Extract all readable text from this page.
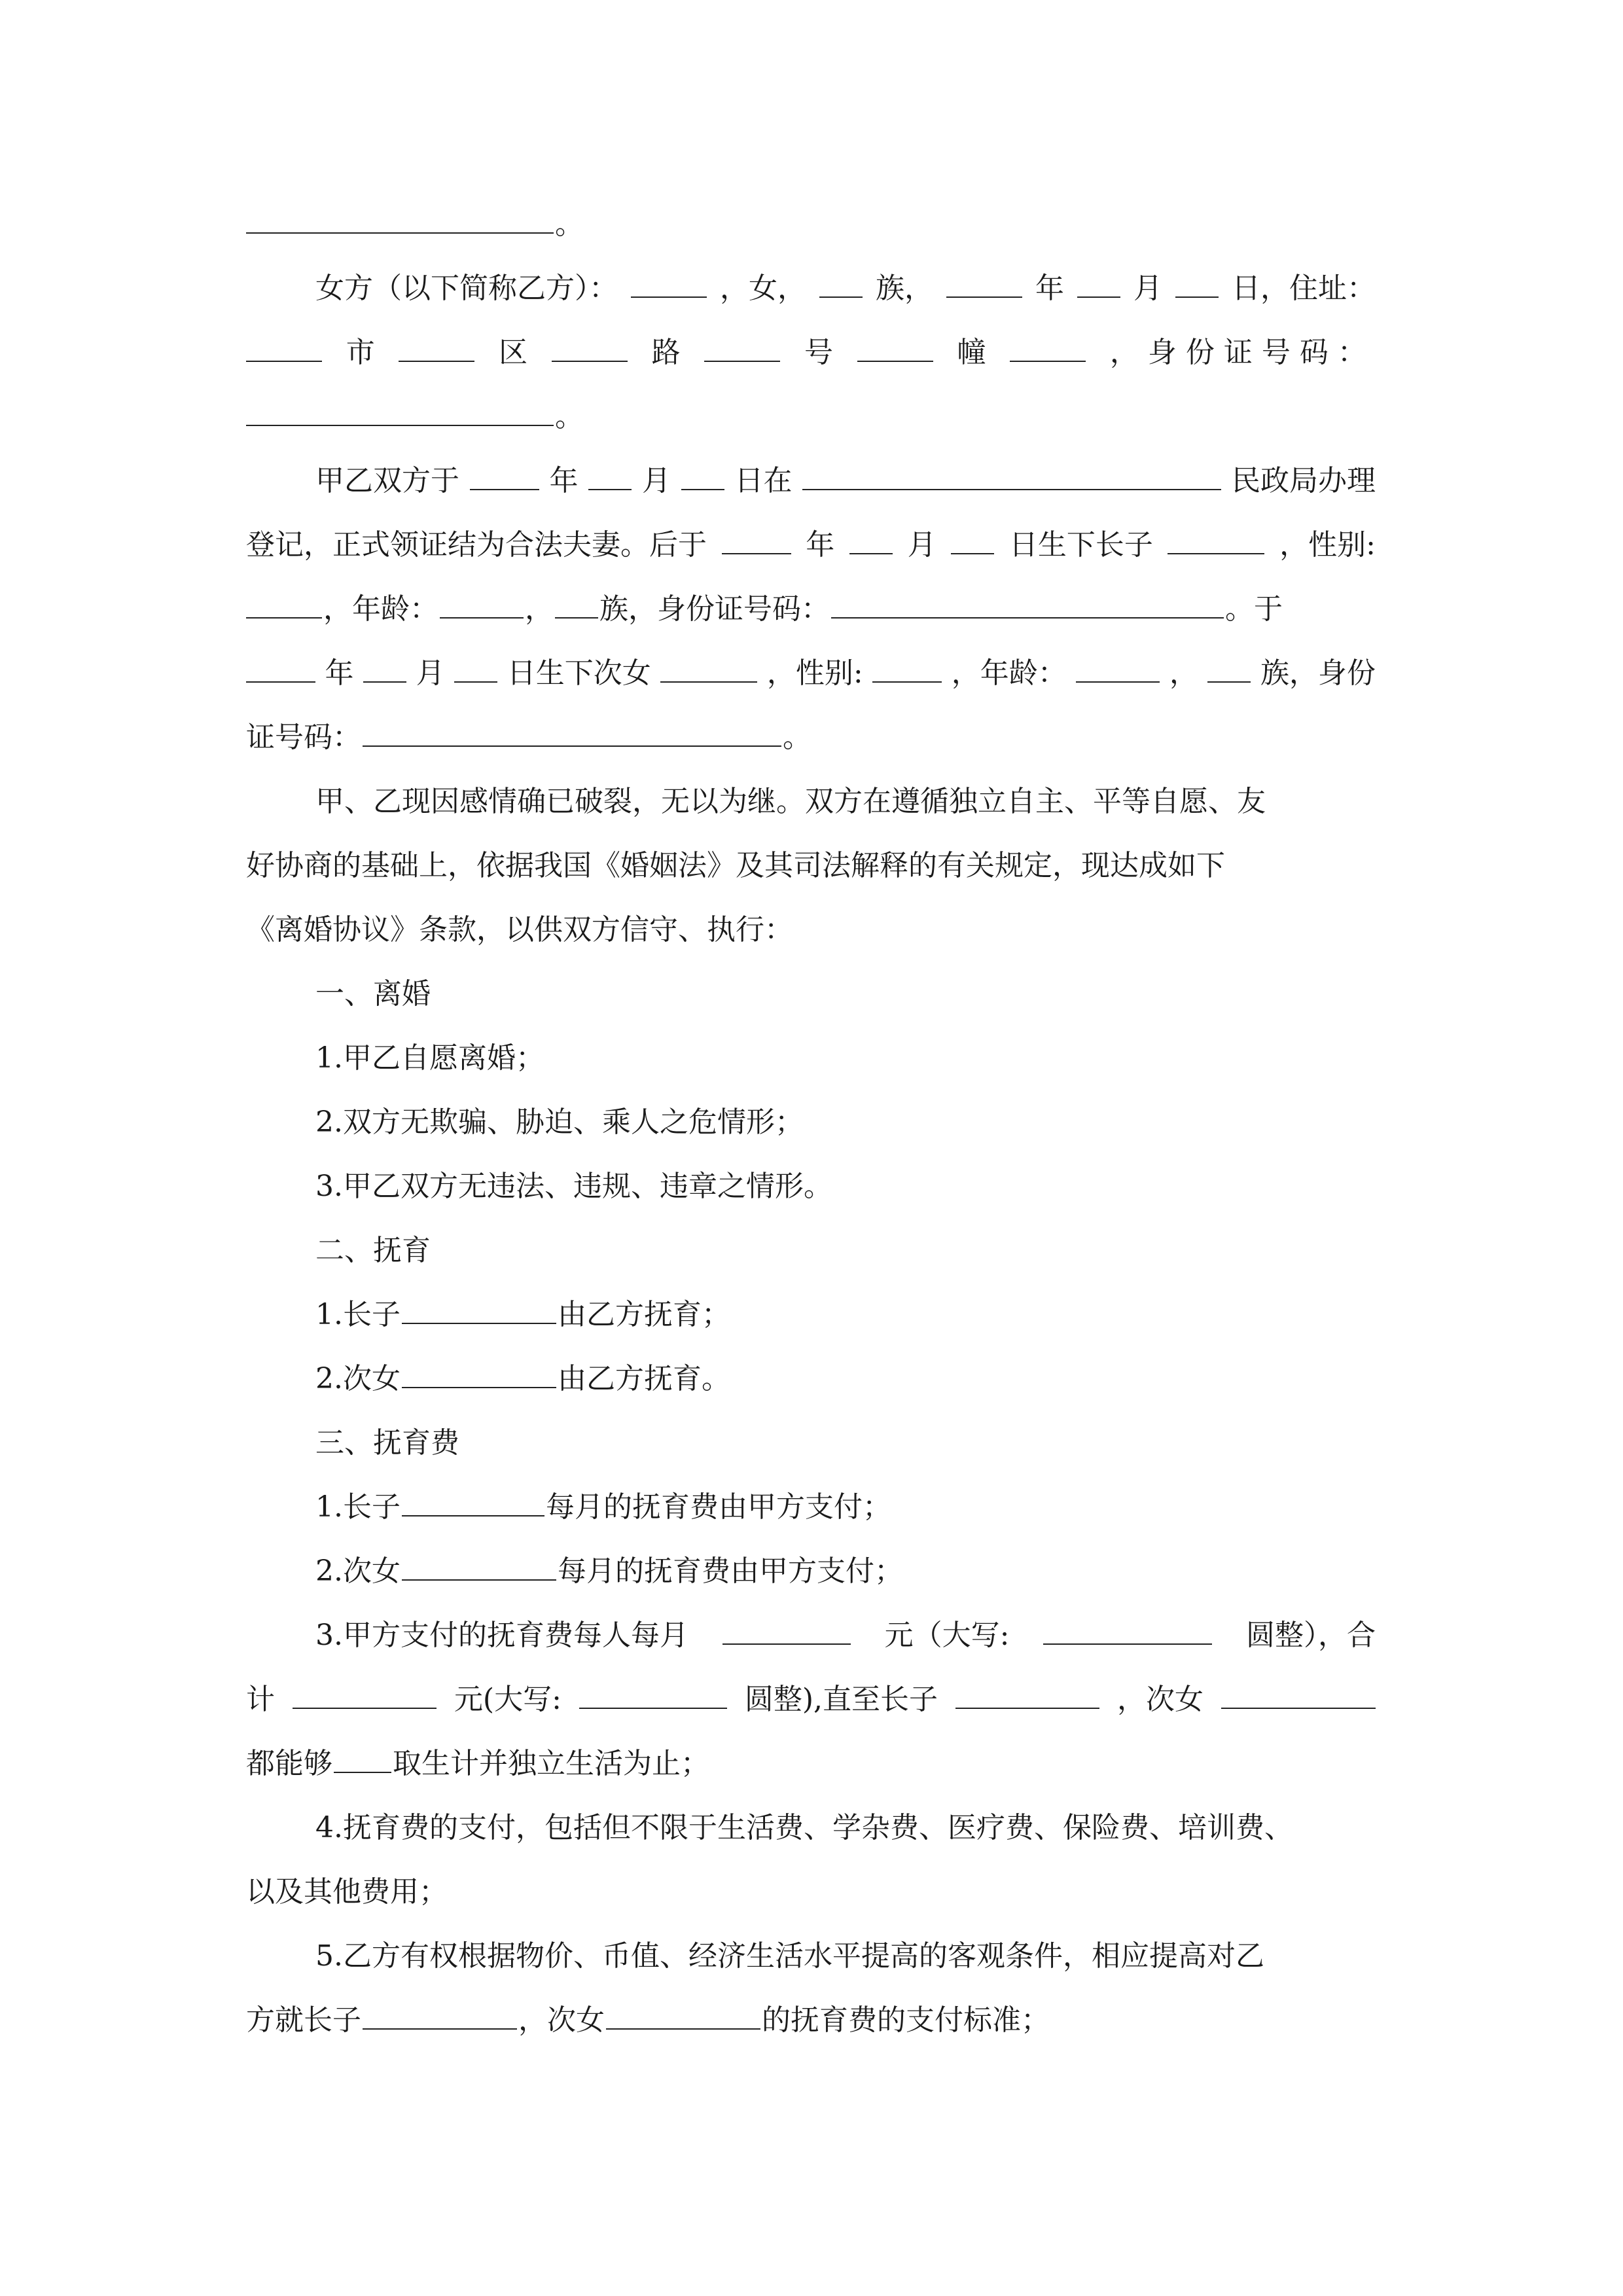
。
女方（以下简称乙方）：	，女， 族，	年 月 日，住址：
市	区	路	号	幢	，身份证号码：
。
甲乙双方于	年 月 日在	民政局办理
登记，正式领证结为合法夫妻。后于	年	月	日生下长子	，性别:
，年龄：	， 族，身份证号码：	。于
年 月 日生下次女	，性别:	，年龄：	， 族，身份
证号码：	。
甲、乙现因感情确已破裂，无以为继。双方在遵循独立自主、平等自愿、友
好协商的基础上，依据我国《婚姻法》及其司法解释的有关规定，现达成如下
《离婚协议》条款，以供双方信守、执行：
一、离婚
1.甲乙自愿离婚；
2.双方无欺骗、胁迫、乘人之危情形；
3.甲乙双方无违法、违规、违章之情形。
二、抚育
1.长子	由乙方抚育；
2.次女	由乙方抚育。
三、抚育费
1.长子	每月的抚育费由甲方支付；
2.次女	每月的抚育费由甲方支付；
3.甲方支付的抚育费每人每月	元（大写:	圆整），合
计	元(大写:	圆整),直至长子	，次女
都能够 取生计并独立生活为止；
4.抚育费的支付，包括但不限于生活费、学杂费、医疗费、保险费、培训费、
以及其他费用；
5.乙方有权根据物价、币值、经济生活水平提高的客观条件，相应提高对乙
方就长子	，次女	的抚育费的支付标准；
